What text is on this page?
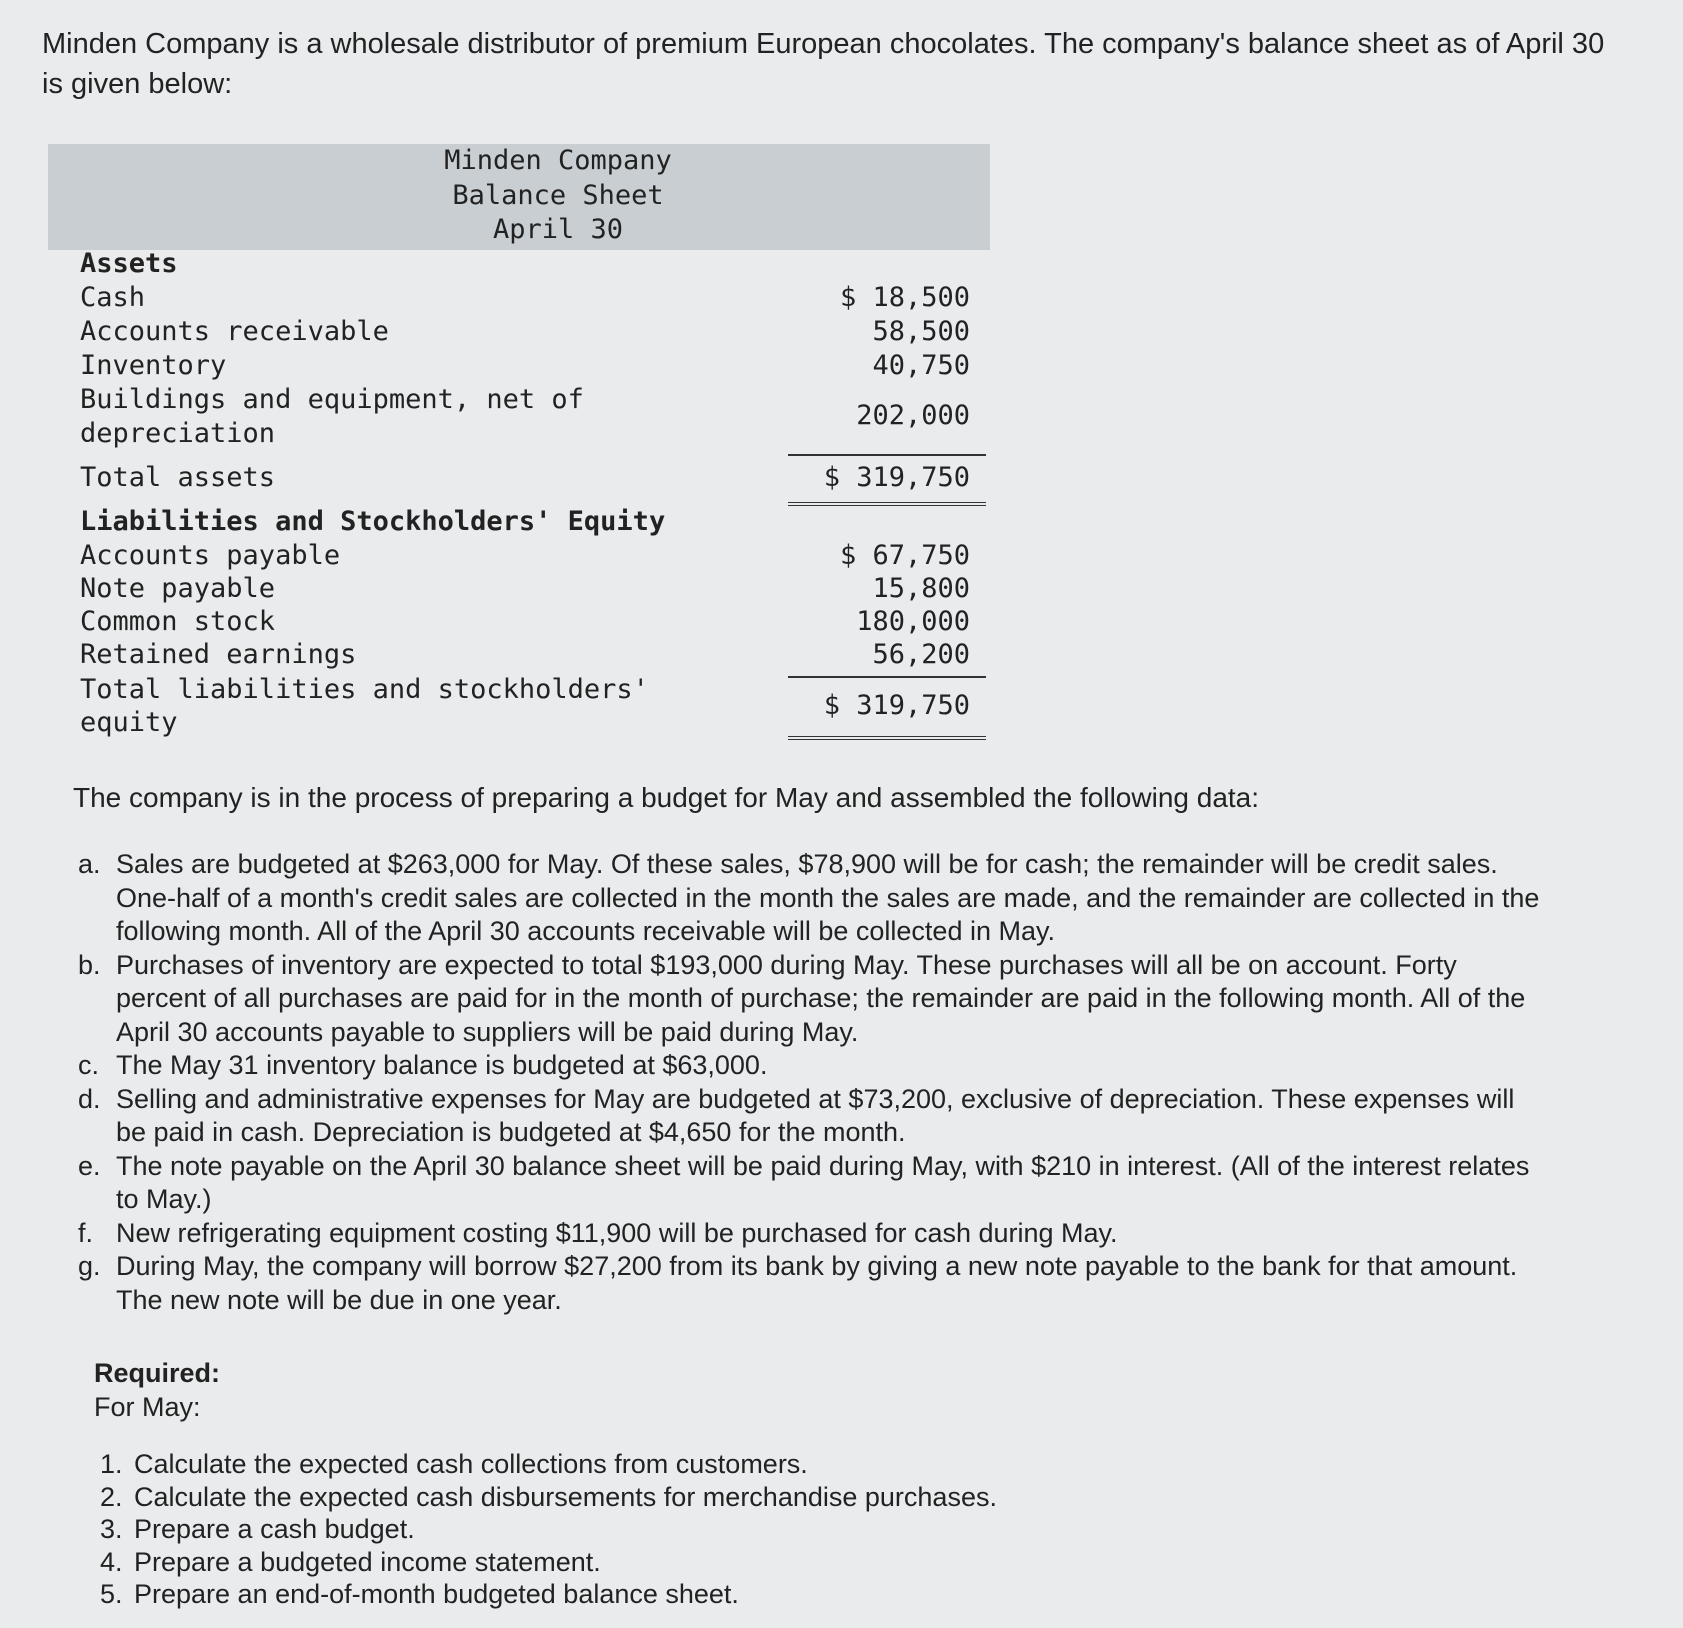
Minden Company is a wholesale distributor of premium European chocolates. The company's balance sheet as of April 30
is given below:
Minden Company
Balance Sheet
April 30
Assets
Cash	$ 18,500
Accounts receivable	58,500
Inventory	40,750
Buildings and equipment, net of
depreciation
202,000
Total assets	$ 319,750
Liabilities and Stockholders' Equity
Accounts payable	$ 67,750
Note payable	15,800
Common stock	180,000
Retained earnings	56,200
Total liabilities and stockholders'
equity
$ 319,750
The company is in the process of preparing a budget for May and assembled the following data:
a. Sales are budgeted at $263,000 for May. Of these sales, $78,900 will be for cash; the remainder will be credit sales.
One-half of a month's credit sales are collected in the month the sales are made, and the remainder are collected in the
following month. All of the April 30 accounts receivable will be collected in May.
b. Purchases of inventory are expected to total $193,000 during May. These purchases will all be on account. Forty
percent of all purchases are paid for in the month of purchase; the remainder are paid in the following month. All of the
April 30 accounts payable to suppliers will be paid during May.
c. The May 31 inventory balance is budgeted at $63,000.
d. Selling and administrative expenses for May are budgeted at $73,200, exclusive of depreciation. These expenses will
be paid in cash. Depreciation is budgeted at $4,650 for the month.
e. The note payable on the April 30 balance sheet will be paid during May, with $210 in interest. (All of the interest relates
to May.)
f. New refrigerating equipment costing $11,900 will be purchased for cash during May.
g. During May, the company will borrow $27,200 from its bank by giving a new note payable to the bank for that amount.
The new note will be due in one year.
Required:
For May:
1. Calculate the expected cash collections from customers.
2. Calculate the expected cash disbursements for merchandise purchases.
3. Prepare a cash budget.
4. Prepare a budgeted income statement.
5. Prepare an end-of-month budgeted balance sheet.
